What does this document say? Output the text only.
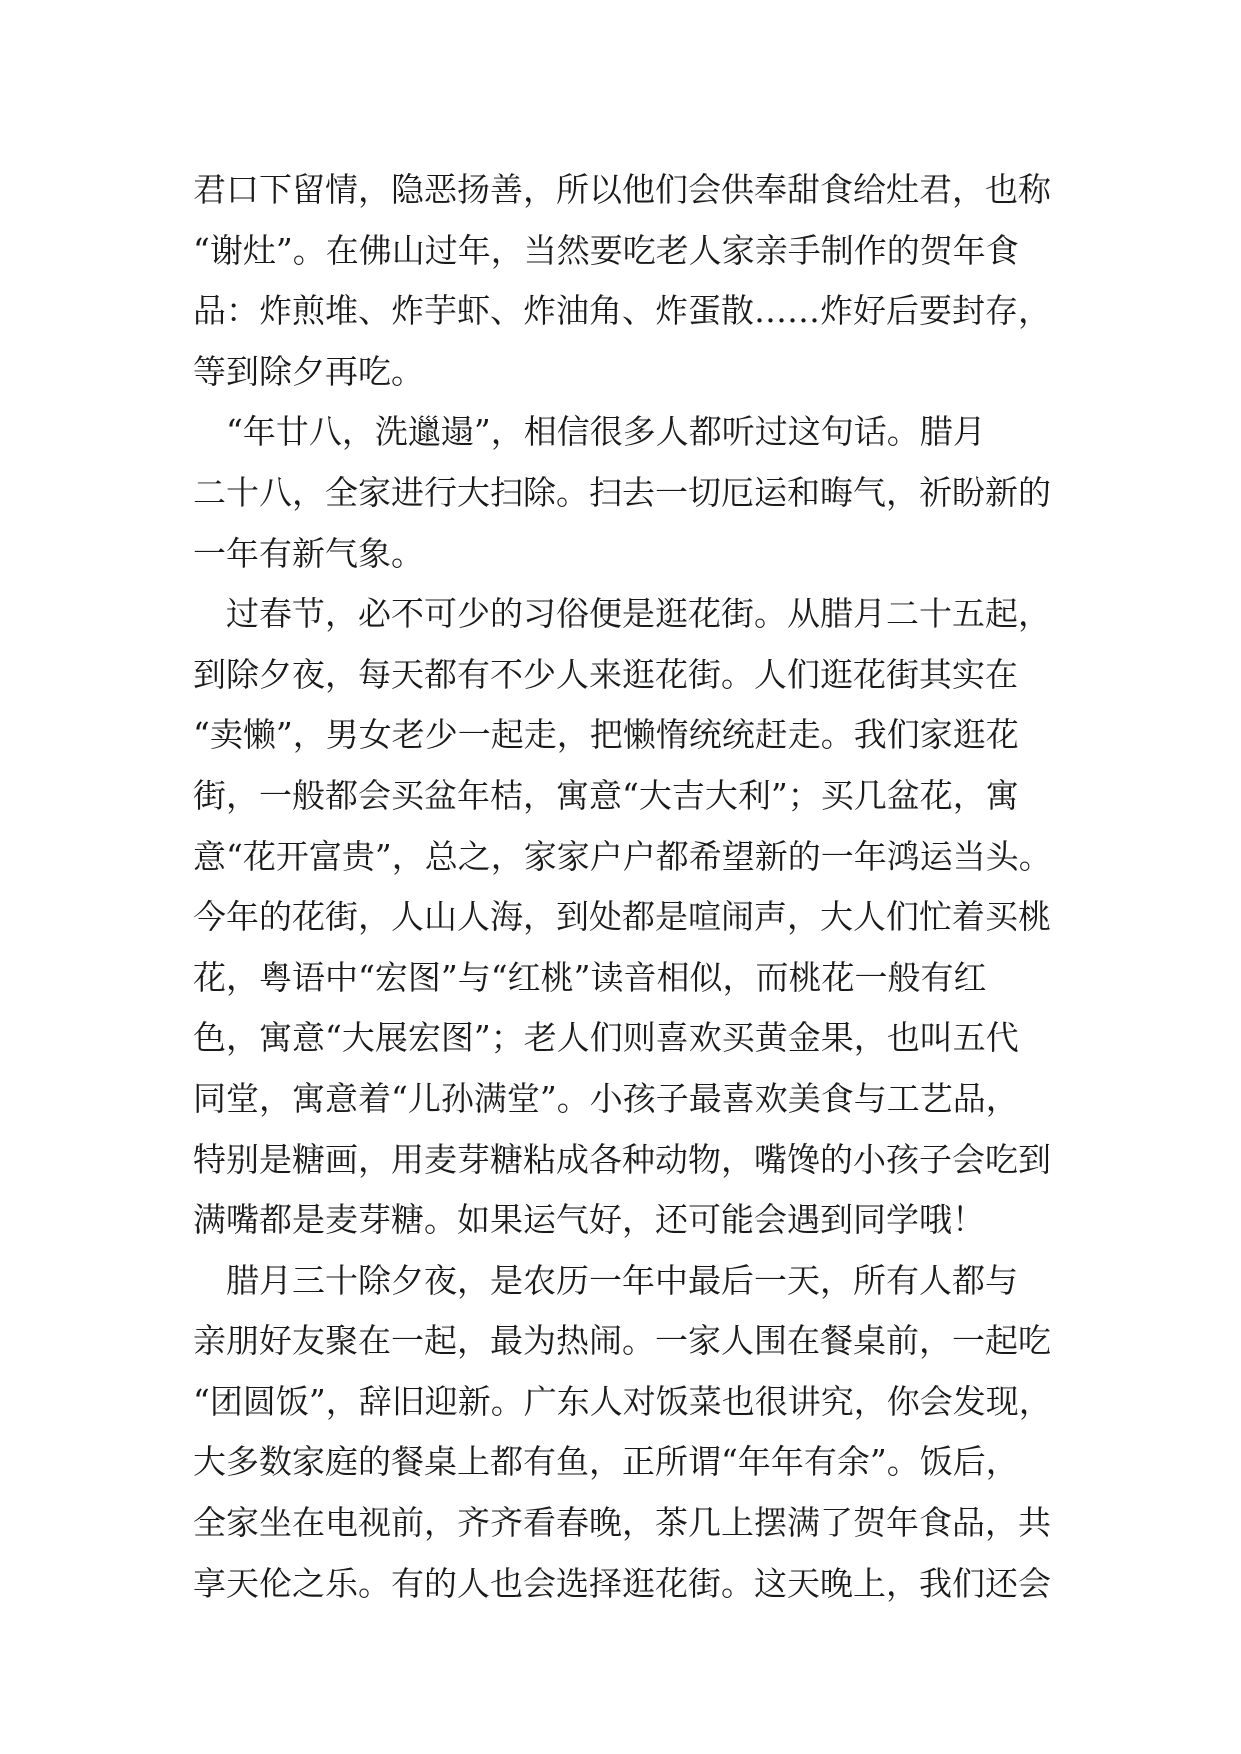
君口下留情，隐恶扬善，所以他们会供奉甜食给灶君，也称
“谢灶”。在佛山过年，当然要吃老人家亲手制作的贺年食
品：炸煎堆、炸芋虾、炸油角、炸蛋散……炸好后要封存，
等到除夕再吃。
　“年廿八，洗邋遢”，相信很多人都听过这句话。腊月
二十八，全家进行大扫除。扫去一切厄运和晦气，祈盼新的
一年有新气象。
　过春节，必不可少的习俗便是逛花街。从腊月二十五起，
到除夕夜，每天都有不少人来逛花街。人们逛花街其实在
“卖懒”，男女老少一起走，把懒惰统统赶走。我们家逛花
街，一般都会买盆年桔，寓意“大吉大利”；买几盆花，寓
意“花开富贵”，总之，家家户户都希望新的一年鸿运当头。
今年的花街，人山人海，到处都是喧闹声，大人们忙着买桃
花，粤语中“宏图”与“红桃”读音相似，而桃花一般有红
色，寓意“大展宏图”；老人们则喜欢买黄金果，也叫五代
同堂，寓意着“儿孙满堂”。小孩子最喜欢美食与工艺品，
特别是糖画，用麦芽糖粘成各种动物，嘴馋的小孩子会吃到
满嘴都是麦芽糖。如果运气好，还可能会遇到同学哦！
　腊月三十除夕夜，是农历一年中最后一天，所有人都与
亲朋好友聚在一起，最为热闹。一家人围在餐桌前，一起吃
“团圆饭”，辞旧迎新。广东人对饭菜也很讲究，你会发现，
大多数家庭的餐桌上都有鱼，正所谓“年年有余”。饭后，
全家坐在电视前，齐齐看春晚，茶几上摆满了贺年食品，共
享天伦之乐。有的人也会选择逛花街。这天晚上，我们还会
